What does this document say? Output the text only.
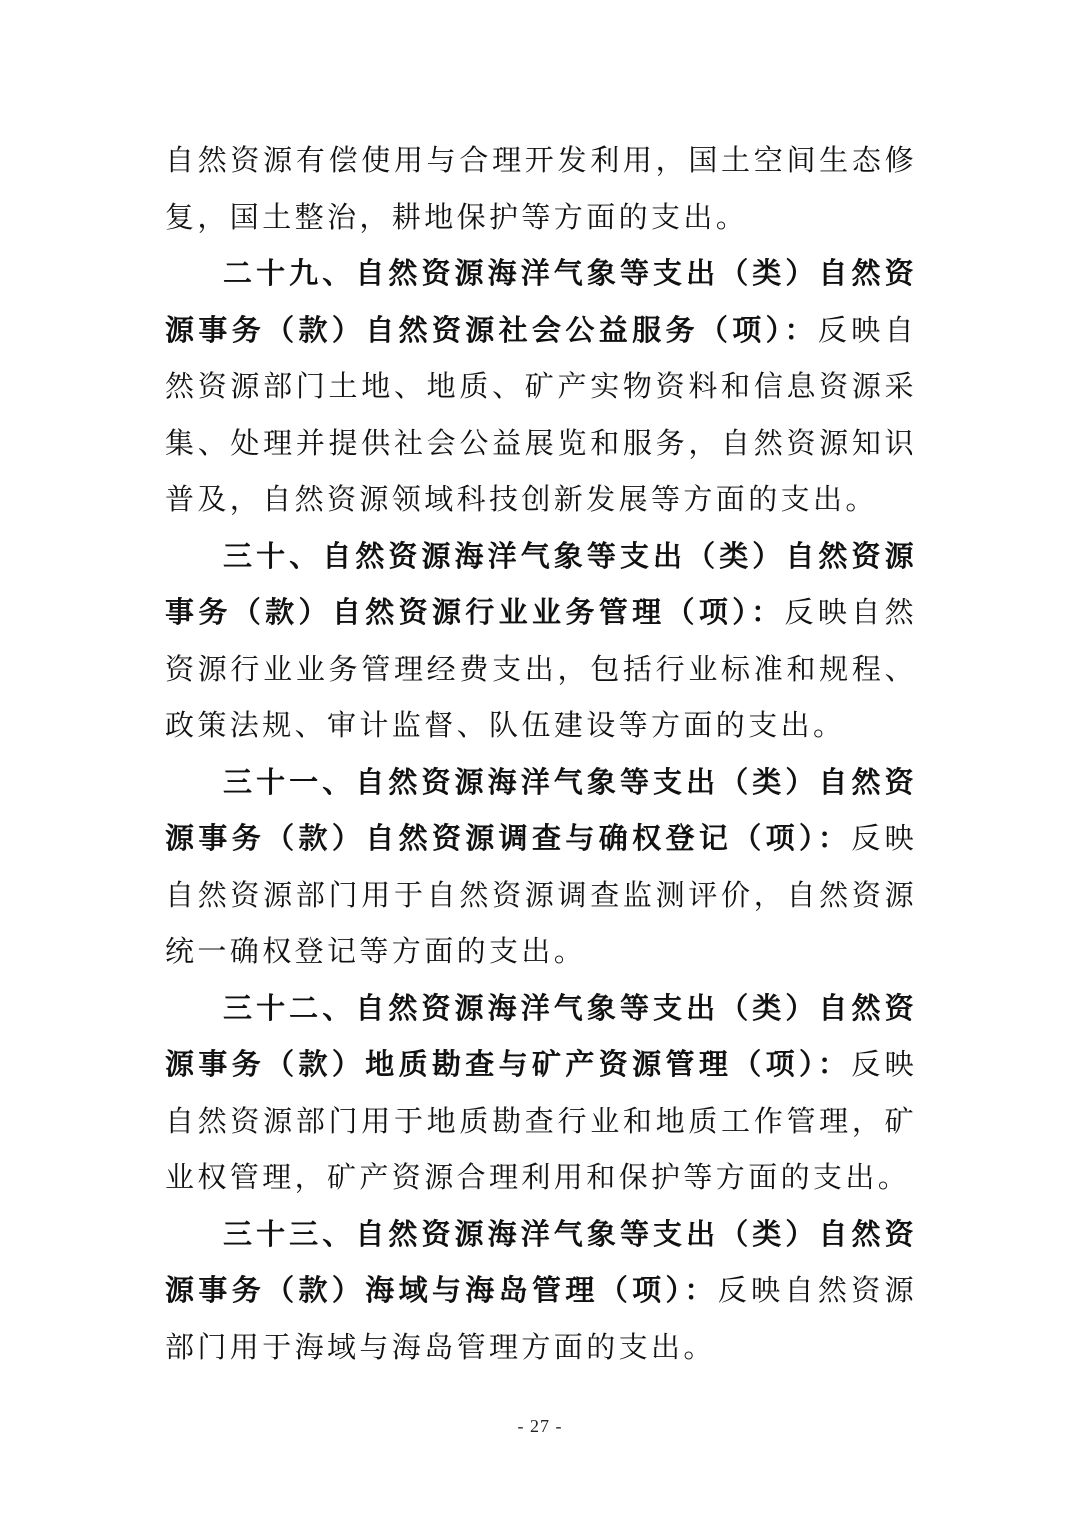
自然资源有偿使用与合理开发利用，国土空间生态修复，国土整治，耕地保护等方面的支出。

二十九、自然资源海洋气象等支出（类）自然资源事务（款）自然资源社会公益服务（项）：反映自然资源部门土地、地质、矿产实物资料和信息资源采集、处理并提供社会公益展览和服务，自然资源知识普及，自然资源领域科技创新发展等方面的支出。

三十、自然资源海洋气象等支出（类）自然资源事务（款）自然资源行业业务管理（项）：反映自然资源行业业务管理经费支出，包括行业标准和规程、政策法规、审计监督、队伍建设等方面的支出。

三十一、自然资源海洋气象等支出（类）自然资源事务（款）自然资源调查与确权登记（项）：反映自然资源部门用于自然资源调查监测评价，自然资源统一确权登记等方面的支出。

三十二、自然资源海洋气象等支出（类）自然资源事务（款）地质勘查与矿产资源管理（项）：反映自然资源部门用于地质勘查行业和地质工作管理，矿业权管理，矿产资源合理利用和保护等方面的支出。

三十三、自然资源海洋气象等支出（类）自然资源事务（款）海域与海岛管理（项）：反映自然资源部门用于海域与海岛管理方面的支出。

- 27 -
